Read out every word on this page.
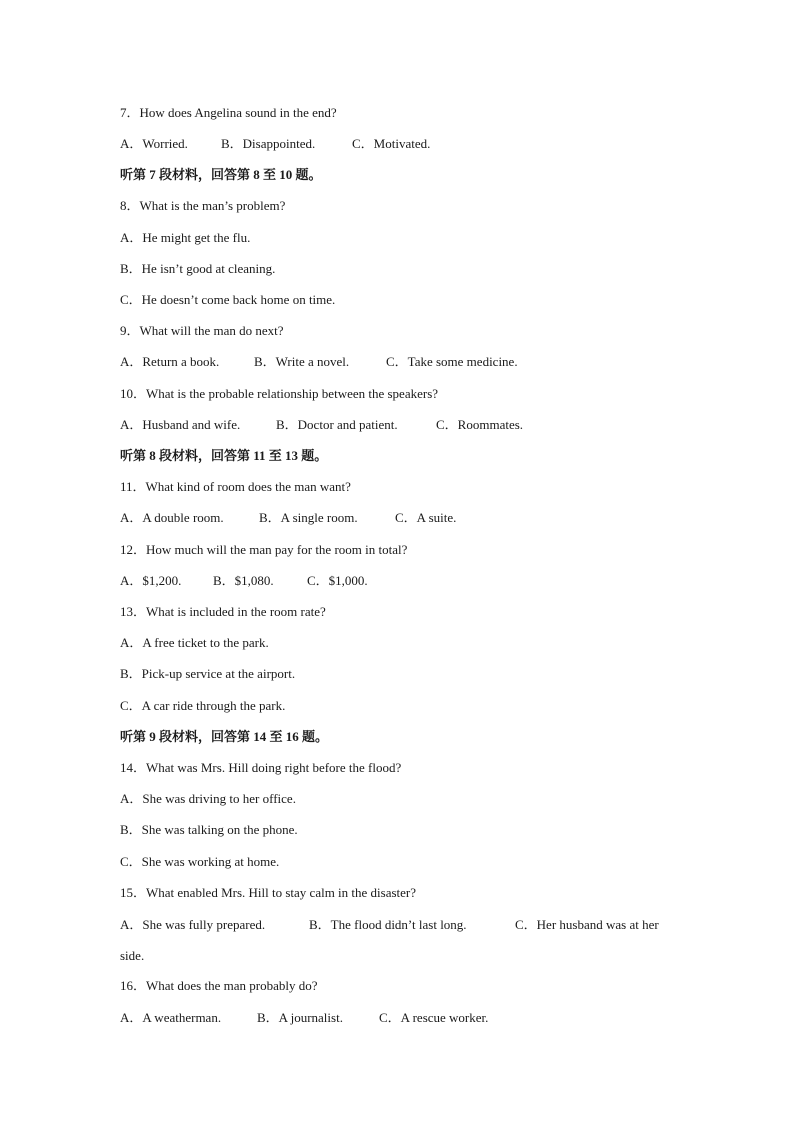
7．How does Angelina sound in the end?
A．Worried.	B．Disappointed.	C．Motivated.
听第 7 段材料，回答第 8 至 10 题。
8．What is the man’s problem?
A．He might get the flu.
B．He isn’t good at cleaning.
C．He doesn’t come back home on time.
9．What will the man do next?
A．Return a book.	B．Write a novel.	C．Take some medicine.
10．What is the probable relationship between the speakers?
A．Husband and wife.	B．Doctor and patient.	C．Roommates.
听第 8 段材料，回答第 11 至 13 题。
11．What kind of room does the man want?
A．A double room.	B．A single room.	C．A suite.
12．How much will the man pay for the room in total?
A．$1,200. B．$1,080.	C．$1,000.
13．What is included in the room rate?
A．A free ticket to the park.
B．Pick-up service at the airport.
C．A car ride through the park.
听第 9 段材料，回答第 14 至 16 题。
14．What was Mrs. Hill doing right before the flood?
A．She was driving to her office.
B．She was talking on the phone.
C．She was working at home.
15．What enabled Mrs. Hill to stay calm in the disaster?
A．She was fully prepared.	B．The flood didn’t last long.	C．Her husband was at her side.
16．What does the man probably do?
A．A weatherman.	B．A journalist.	C．A rescue worker.
